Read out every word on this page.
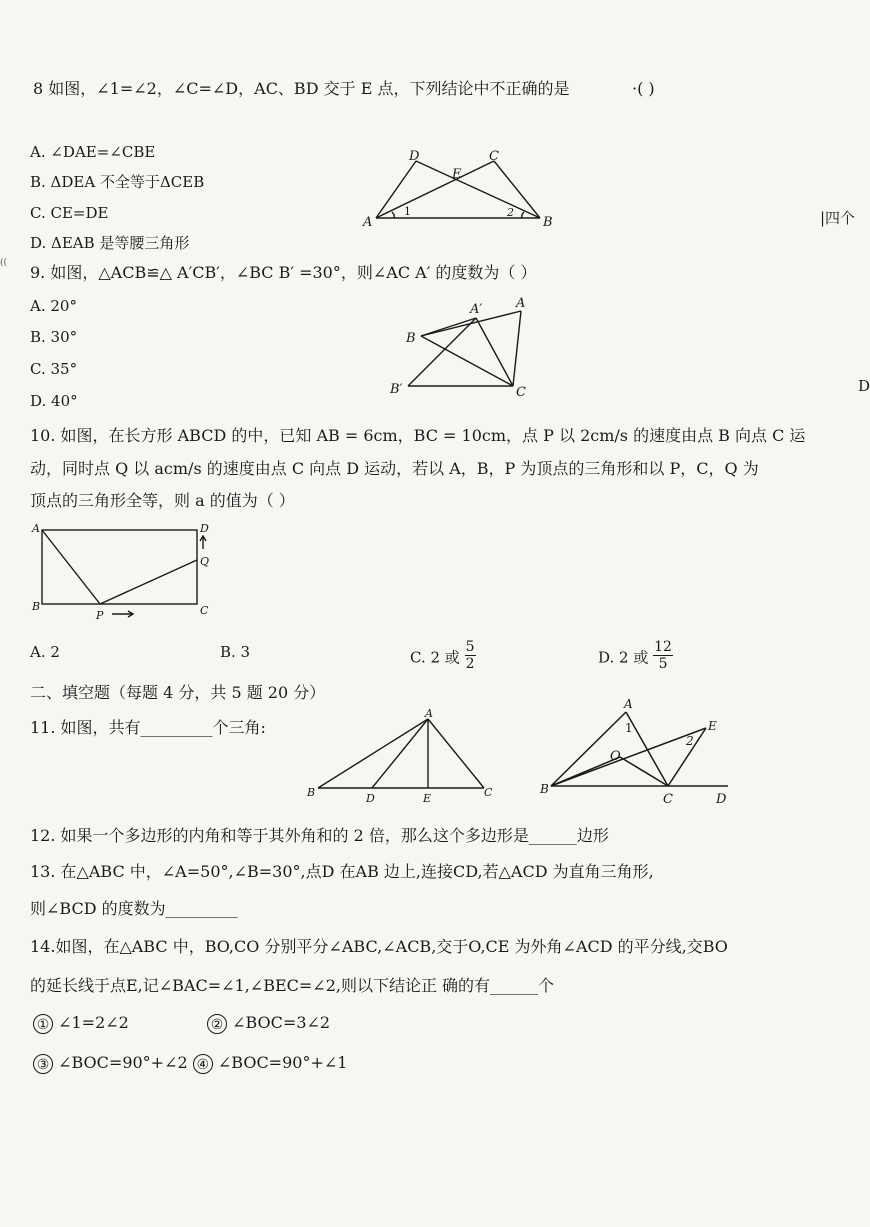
8 如图，∠1=∠2，∠C=∠D，AC、BD 交于 E 点，下列结论中不正确的是	·( )
A. ∠DAE=∠CBE
B. ΔDEA 不全等于ΔCEB
C. CE=DE
D. ΔEAB 是等腰三角形
D
E
C
A	B
1	2	|四个
D
(( 9. 如图，△ACB≌△ A′CB′，∠BC B′ =30°，则∠AC A′ 的度数为（ ）
A. 20°
B. 30°
C. 35°
D. 40°
A′	A
B
B′	C
10. 如图，在长方形 ABCD 的中，已知 AB = 6cm，BC = 10cm，点 P 以 2cm/s 的速度由点 B 向点 C 运
动，同时点 Q 以 acm/s 的速度由点 C 向点 D 运动，若以 A，B，P 为顶点的三角形和以 P，C，Q 为
顶点的三角形全等，则 a 的值为（ ）
A	D
Q
B
P	C
A. 2	B. 3	C. 2 或 $\frac{5}{2}$	D. 2 或 $\frac{12}{5}$
二、填空题（每题 4 分，共 5 题 20 分）
11. 如图，共有_________个三角:
A
B	D	E	C
A
E
O
B
C	D
1
2
12. 如果一个多边形的内角和等于其外角和的 2 倍，那么这个多边形是______边形
13. 在△ABC 中，∠A=50°,∠B=30°,点D 在AB 边上,连接CD,若△ACD 为直角三角形,
则∠BCD 的度数为_________
14.如图，在△ABC 中，BO,CO 分别平分∠ABC,∠ACB,交于O,CE 为外角∠ACD 的平分线,交BO
的延长线于点E,记∠BAC=∠1,∠BEC=∠2,则以下结论正 确的有______个
① ∠1=2∠2	② ∠BOC=3∠2
③ ∠BOC=90°+∠2 ④ ∠BOC=90°+∠1
